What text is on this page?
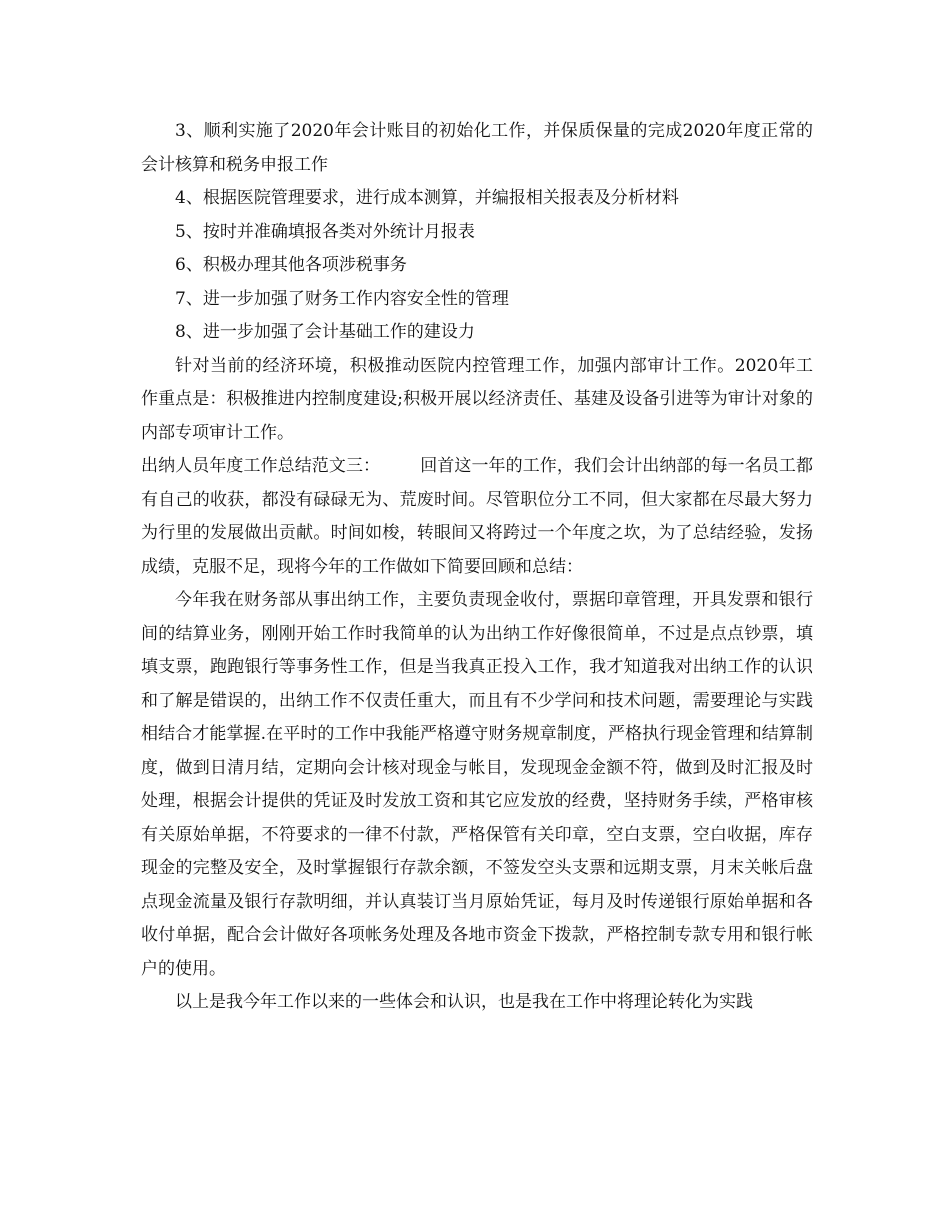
3、顺利实施了2020年会计账目的初始化工作，并保质保量的完成2020年度正常的会计核算和税务申报工作

4、根据医院管理要求，进行成本测算，并编报相关报表及分析材料

5、按时并准确填报各类对外统计月报表

6、积极办理其他各项涉税事务

7、进一步加强了财务工作内容安全性的管理

8、进一步加强了会计基础工作的建设力

针对当前的经济环境，积极推动医院内控管理工作，加强内部审计工作。2020年工作重点是：积极推进内控制度建设;积极开展以经济责任、基建及设备引进等为审计对象的内部专项审计工作。

出纳人员年度工作总结范文三： 回首这一年的工作，我们会计出纳部的每一名员工都有自己的收获，都没有碌碌无为、荒废时间。尽管职位分工不同，但大家都在尽最大努力为行里的发展做出贡献。时间如梭，转眼间又将跨过一个年度之坎，为了总结经验，发扬成绩，克服不足，现将今年的工作做如下简要回顾和总结：

今年我在财务部从事出纳工作，主要负责现金收付，票据印章管理，开具发票和银行间的结算业务，刚刚开始工作时我简单的认为出纳工作好像很简单，不过是点点钞票，填填支票，跑跑银行等事务性工作，但是当我真正投入工作，我才知道我对出纳工作的认识和了解是错误的，出纳工作不仅责任重大，而且有不少学问和技术问题，需要理论与实践相结合才能掌握.在平时的工作中我能严格遵守财务规章制度，严格执行现金管理和结算制度，做到日清月结，定期向会计核对现金与帐目，发现现金金额不符，做到及时汇报及时处理，根据会计提供的凭证及时发放工资和其它应发放的经费，坚持财务手续，严格审核有关原始单据，不符要求的一律不付款，严格保管有关印章，空白支票，空白收据，库存现金的完整及安全，及时掌握银行存款余额，不签发空头支票和远期支票，月末关帐后盘点现金流量及银行存款明细，并认真装订当月原始凭证，每月及时传递银行原始单据和各收付单据，配合会计做好各项帐务处理及各地市资金下拨款，严格控制专款专用和银行帐户的使用。

以上是我今年工作以来的一些体会和认识，也是我在工作中将理论转化为实践
